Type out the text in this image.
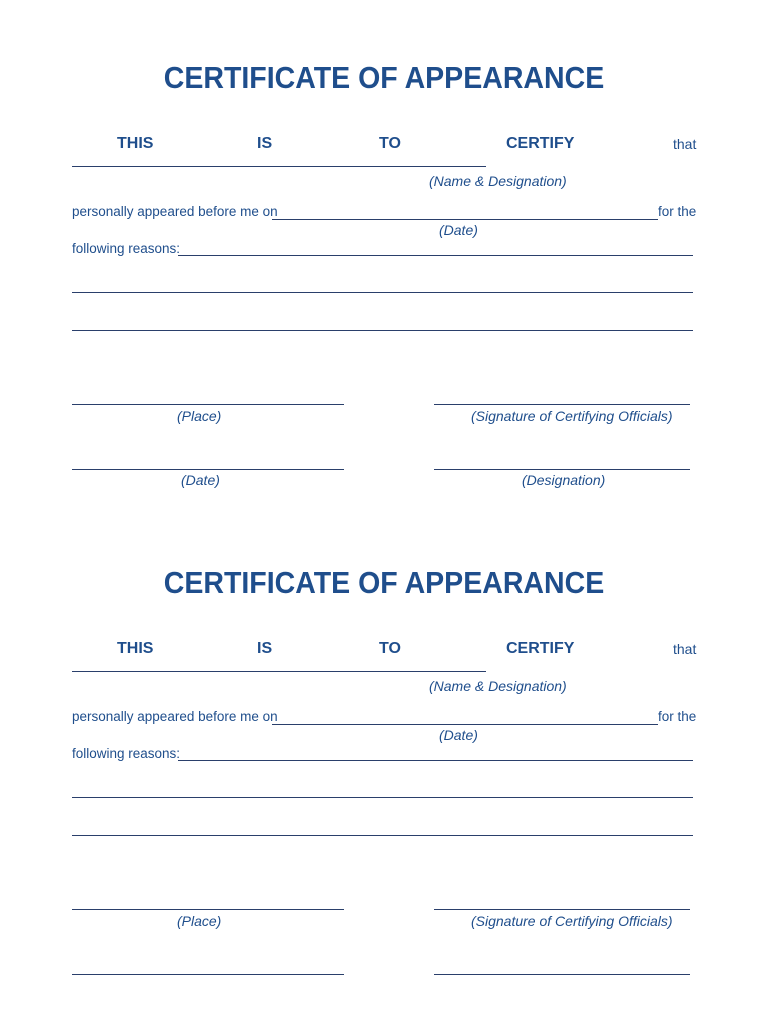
CERTIFICATE OF APPEARANCE
THIS	IS	TO	CERTIFY	that
(Name & Designation)
personally appeared before me on	for the
(Date)
following reasons:
(Place)	(Signature of Certifying Officials)
(Date)	(Designation)
CERTIFICATE OF APPEARANCE
THIS	IS	TO	CERTIFY	that
(Name & Designation)
personally appeared before me on	for the
(Date)
following reasons:
(Place)	(Signature of Certifying Officials)
